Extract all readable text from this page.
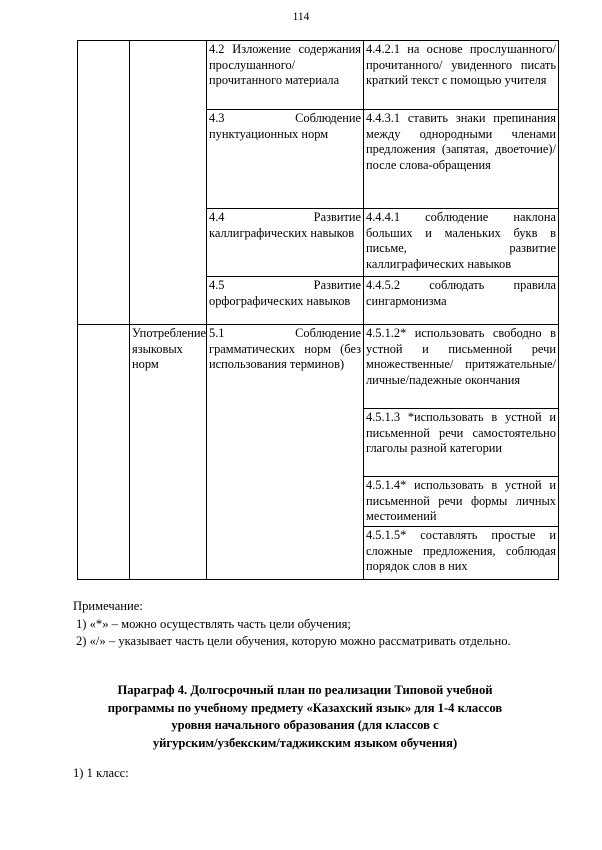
114
		4.2 Изложение содержания прослушанного/прочитанного материала	4.4.2.1 на основе прослушанного/ прочитанного/ увиденного писать краткий текст с помощью учителя
		4.3 Соблюдение пунктуационных норм	4.4.3.1 ставить знаки препинания между однородными членами предложения (запятая, двоеточие)/ после слова-обращения
		4.4 Развитие каллиграфических навыков	4.4.4.1 соблюдение наклона больших и маленьких букв в письме, развитие каллиграфических навыков
		4.5 Развитие орфографических навыков	4.4.5.2 соблюдать правила сингармонизма
	Употребление языковых норм	5.1 Соблюдение грамматических норм (без использования терминов)	4.5.1.2* использовать свободно в устной и письменной речи множественные/ притяжательные/ личные/падежные окончания
			4.5.1.3 *использовать в устной и письменной речи самостоятельно глаголы разной категории
			4.5.1.4* использовать в устной и письменной речи формы личных местоимений
			4.5.1.5* составлять простые и сложные предложения, соблюдая порядок слов в них
Примечание:
1) «*» – можно осуществлять часть цели обучения;
2) «/» – указывает часть цели обучения, которую можно рассматривать отдельно.
Параграф 4. Долгосрочный план по реализации Типовой учебной
программы по учебному предмету «Казахский язык» для 1-4 классов
уровня начального образования (для классов с
уйгурским/узбекским/таджикским языком обучения)
1) 1 класс:
